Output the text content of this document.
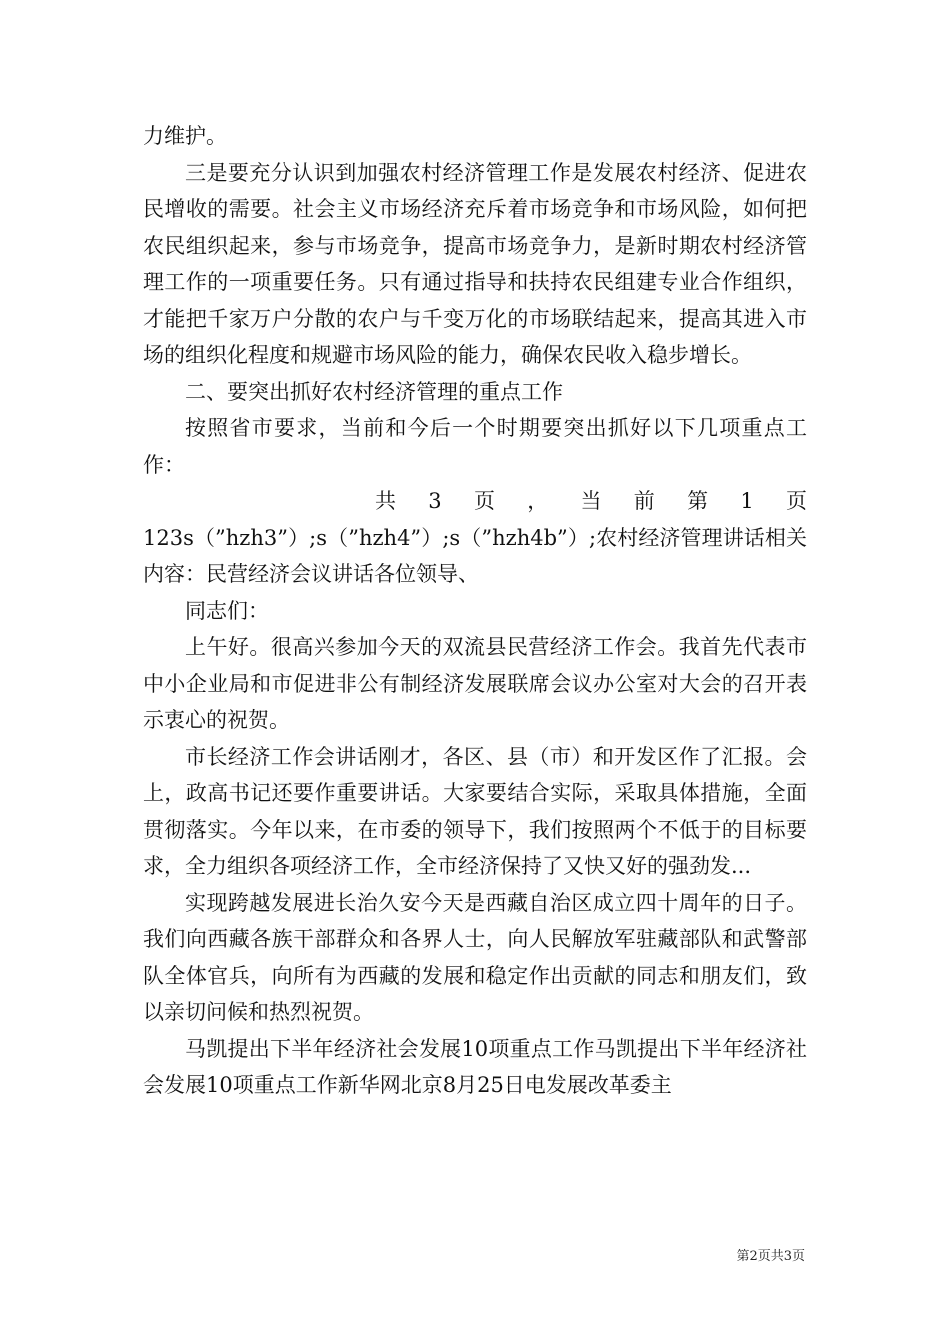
力维护。

三是要充分认识到加强农村经济管理工作是发展农村经济、促进农民增收的需要。社会主义市场经济充斥着市场竞争和市场风险，如何把农民组织起来，参与市场竞争，提高市场竞争力，是新时期农村经济管理工作的一项重要任务。只有通过指导和扶持农民组建专业合作组织，才能把千家万户分散的农户与千变万化的市场联结起来，提高其进入市场的组织化程度和规避市场风险的能力，确保农民收入稳步增长。

二、要突出抓好农村经济管理的重点工作

按照省市要求，当前和今后一个时期要突出抓好以下几项重点工作：

共 3 页 ， 当 前 第 1 页

123s（”hzh3”）;s（”hzh4”）;s（”hzh4b”）;农村经济管理讲话相关内容：民营经济会议讲话各位领导、

同志们：

上午好。很高兴参加今天的双流县民营经济工作会。我首先代表市中小企业局和市促进非公有制经济发展联席会议办公室对大会的召开表示衷心的祝贺。

市长经济工作会讲话刚才，各区、县（市）和开发区作了汇报。会上，政高书记还要作重要讲话。大家要结合实际，采取具体措施，全面贯彻落实。今年以来，在市委的领导下，我们按照两个不低于的目标要求，全力组织各项经济工作，全市经济保持了又快又好的强劲发...

实现跨越发展进长治久安今天是西藏自治区成立四十周年的日子。我们向西藏各族干部群众和各界人士，向人民解放军驻藏部队和武警部队全体官兵，向所有为西藏的发展和稳定作出贡献的同志和朋友们，致以亲切问候和热烈祝贺。

马凯提出下半年经济社会发展10项重点工作马凯提出下半年经济社会发展10项重点工作新华网北京8月25日电发展改革委主

第2页共3页
